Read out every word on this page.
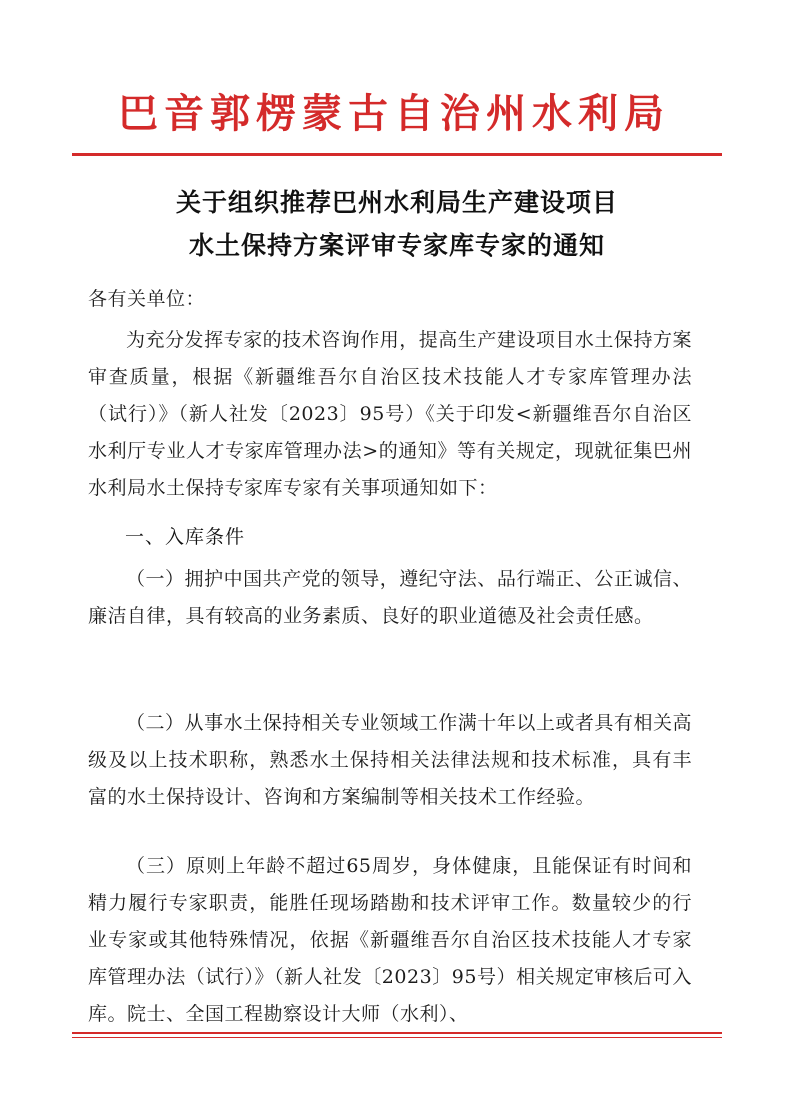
巴音郭楞蒙古自治州水利局
关于组织推荐巴州水利局生产建设项目
水土保持方案评审专家库专家的通知
各有关单位：

为充分发挥专家的技术咨询作用，提高生产建设项目水土保持方案审查质量，根据《新疆维吾尔自治区技术技能人才专家库管理办法（试行）》（新人社发〔2023〕95号）《关于印发<新疆维吾尔自治区水利厅专业人才专家库管理办法>的通知》等有关规定，现就征集巴州水利局水土保持专家库专家有关事项通知如下：

一、入库条件

（一）拥护中国共产党的领导，遵纪守法、品行端正、公正诚信、廉洁自律，具有较高的业务素质、良好的职业道德及社会责任感。

（二）从事水土保持相关专业领域工作满十年以上或者具有相关高级及以上技术职称，熟悉水土保持相关法律法规和技术标准，具有丰富的水土保持设计、咨询和方案编制等相关技术工作经验。

（三）原则上年龄不超过65周岁，身体健康，且能保证有时间和精力履行专家职责，能胜任现场踏勘和技术评审工作。数量较少的行业专家或其他特殊情况，依据《新疆维吾尔自治区技术技能人才专家库管理办法（试行）》（新人社发〔2023〕95号）相关规定审核后可入库。院士、全国工程勘察设计大师（水利）、
